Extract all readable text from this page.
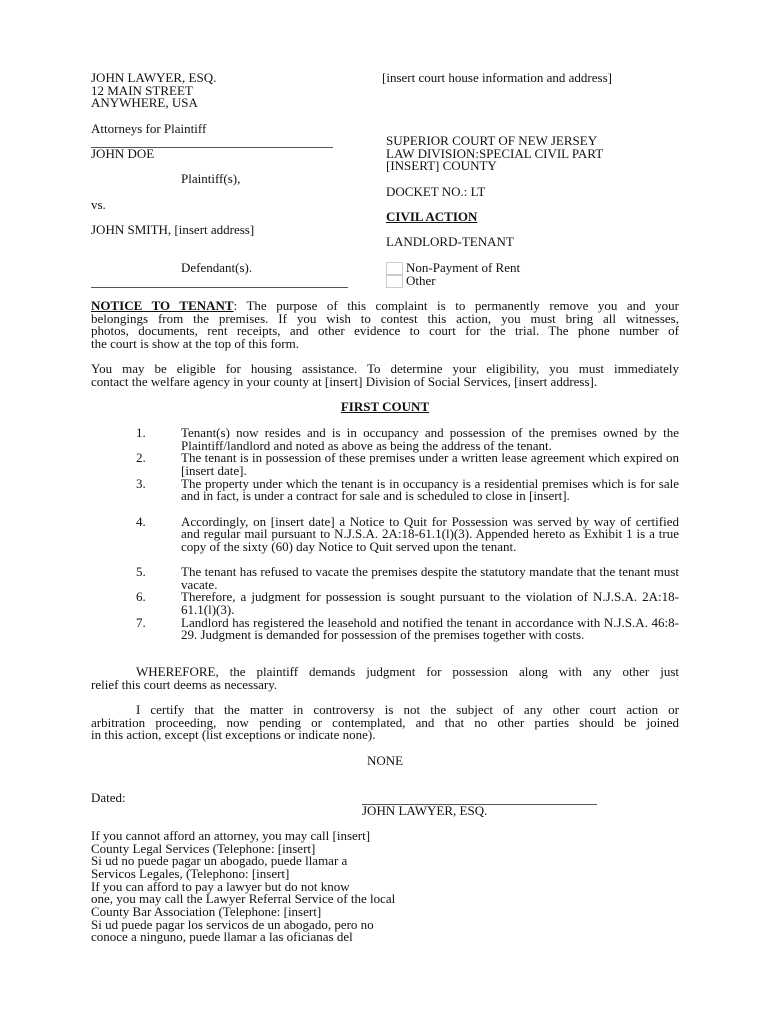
JOHN LAWYER, ESQ.
12 MAIN STREET
ANYWHERE, USA
[insert court house information and address]
Attorneys for Plaintiff
JOHN DOE
Plaintiff(s),
vs.
JOHN SMITH, [insert address]
Defendant(s).
SUPERIOR COURT OF NEW JERSEY
LAW DIVISION:SPECIAL CIVIL PART
[INSERT] COUNTY
DOCKET NO.: LT
CIVIL ACTION
LANDLORD-TENANT
Non-Payment of Rent
Other
NOTICE TO TENANT: The purpose of this complaint is to permanently remove you and your
belongings from the premises. If you wish to contest this action, you must bring all witnesses,
photos, documents, rent receipts, and other evidence to court for the trial. The phone number of
the court is show at the top of this form.
You may be eligible for housing assistance. To determine your eligibility, you must immediately
contact the welfare agency in your county at [insert] Division of Social Services, [insert address].
FIRST COUNT
1.	Tenant(s) now resides and is in occupancy and possession of the premises owned by the Plaintiff/landlord and noted as above as being the address of the tenant.
2.	The tenant is in possession of these premises under a written lease agreement which expired on [insert date].
3.	The property under which the tenant is in occupancy is a residential premises which is for sale and in fact, is under a contract for sale and is scheduled to close in [insert].
4.	Accordingly, on [insert date] a Notice to Quit for Possession was served by way of certified and regular mail pursuant to N.J.S.A. 2A:18-61.1(l)(3). Appended hereto as Exhibit 1 is a true copy of the sixty (60) day Notice to Quit served upon the tenant.
5.	The tenant has refused to vacate the premises despite the statutory mandate that the tenant must vacate.
6.	Therefore, a judgment for possession is sought pursuant to the violation of N.J.S.A. 2A:18-61.1(l)(3).
7.	Landlord has registered the leasehold and notified the tenant in accordance with N.J.S.A. 46:8-29. Judgment is demanded for possession of the premises together with costs.
WHEREFORE, the plaintiff demands judgment for possession along with any other just
relief this court deems as necessary.
I certify that the matter in controversy is not the subject of any other court action or
arbitration proceeding, now pending or contemplated, and that no other parties should be joined
in this action, except (list exceptions or indicate none).
NONE
Dated:
JOHN LAWYER, ESQ.
If you cannot afford an attorney, you may call [insert]
County Legal Services (Telephone: [insert]
Si ud no puede pagar un abogado, puede llamar a
Servicos Legales, (Telephono: [insert]
If you can afford to pay a lawyer but do not know
one, you may call the Lawyer Referral Service of the local
County Bar Association (Telephone: [insert]
Si ud puede pagar los servicos de un abogado, pero no
conoce a ninguno, puede llamar a las oficianas del
